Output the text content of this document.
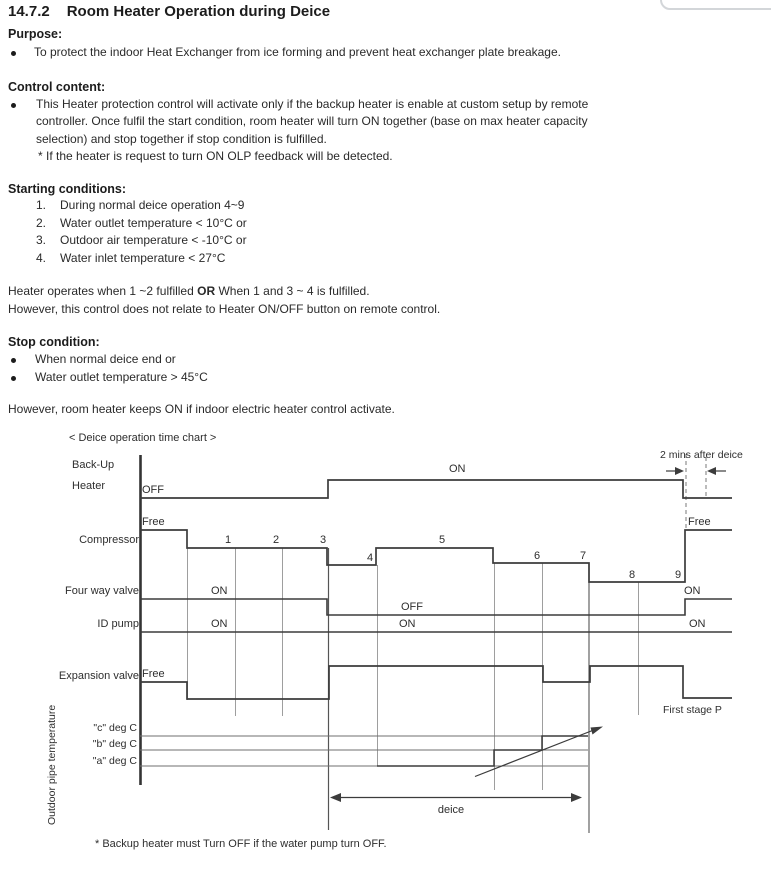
14.7.2 Room Heater Operation during Deice
Purpose:
To protect the indoor Heat Exchanger from ice forming and prevent heat exchanger plate breakage.
Control content:
This Heater protection control will activate only if the backup heater is enable at custom setup by remote
controller. Once fulfil the start condition, room heater will turn ON together (base on max heater capacity
selection) and stop together if stop condition is fulfilled.
* If the heater is request to turn ON OLP feedback will be detected.
Starting conditions:
1. During normal deice operation 4~9
2. Water outlet temperature < 10°C or
3. Outdoor air temperature < -10°C or
4. Water inlet temperature < 27°C
Heater operates when 1 ~2 fulfilled OR When 1 and 3 ~ 4 is fulfilled.
However, this control does not relate to Heater ON/OFF button on remote control.
Stop condition:
When normal deice end or
Water outlet temperature > 45°C
However, room heater keeps ON if indoor electric heater control activate.
< Deice operation time chart >
Back-Up
Heater
Compressor
Four way valve
ID pump
Expansion valve
"c" deg C
"b" deg C
"a" deg C
Outdoor pipe temperature
OFF
ON
Free	Free
ON
OFF
ON
ON	ON	ON
Free
First stage P
1	2	3
4
5
6	7
8	9
2 mins after deice
deice
* Backup heater must Turn OFF if the water pump turn OFF.
